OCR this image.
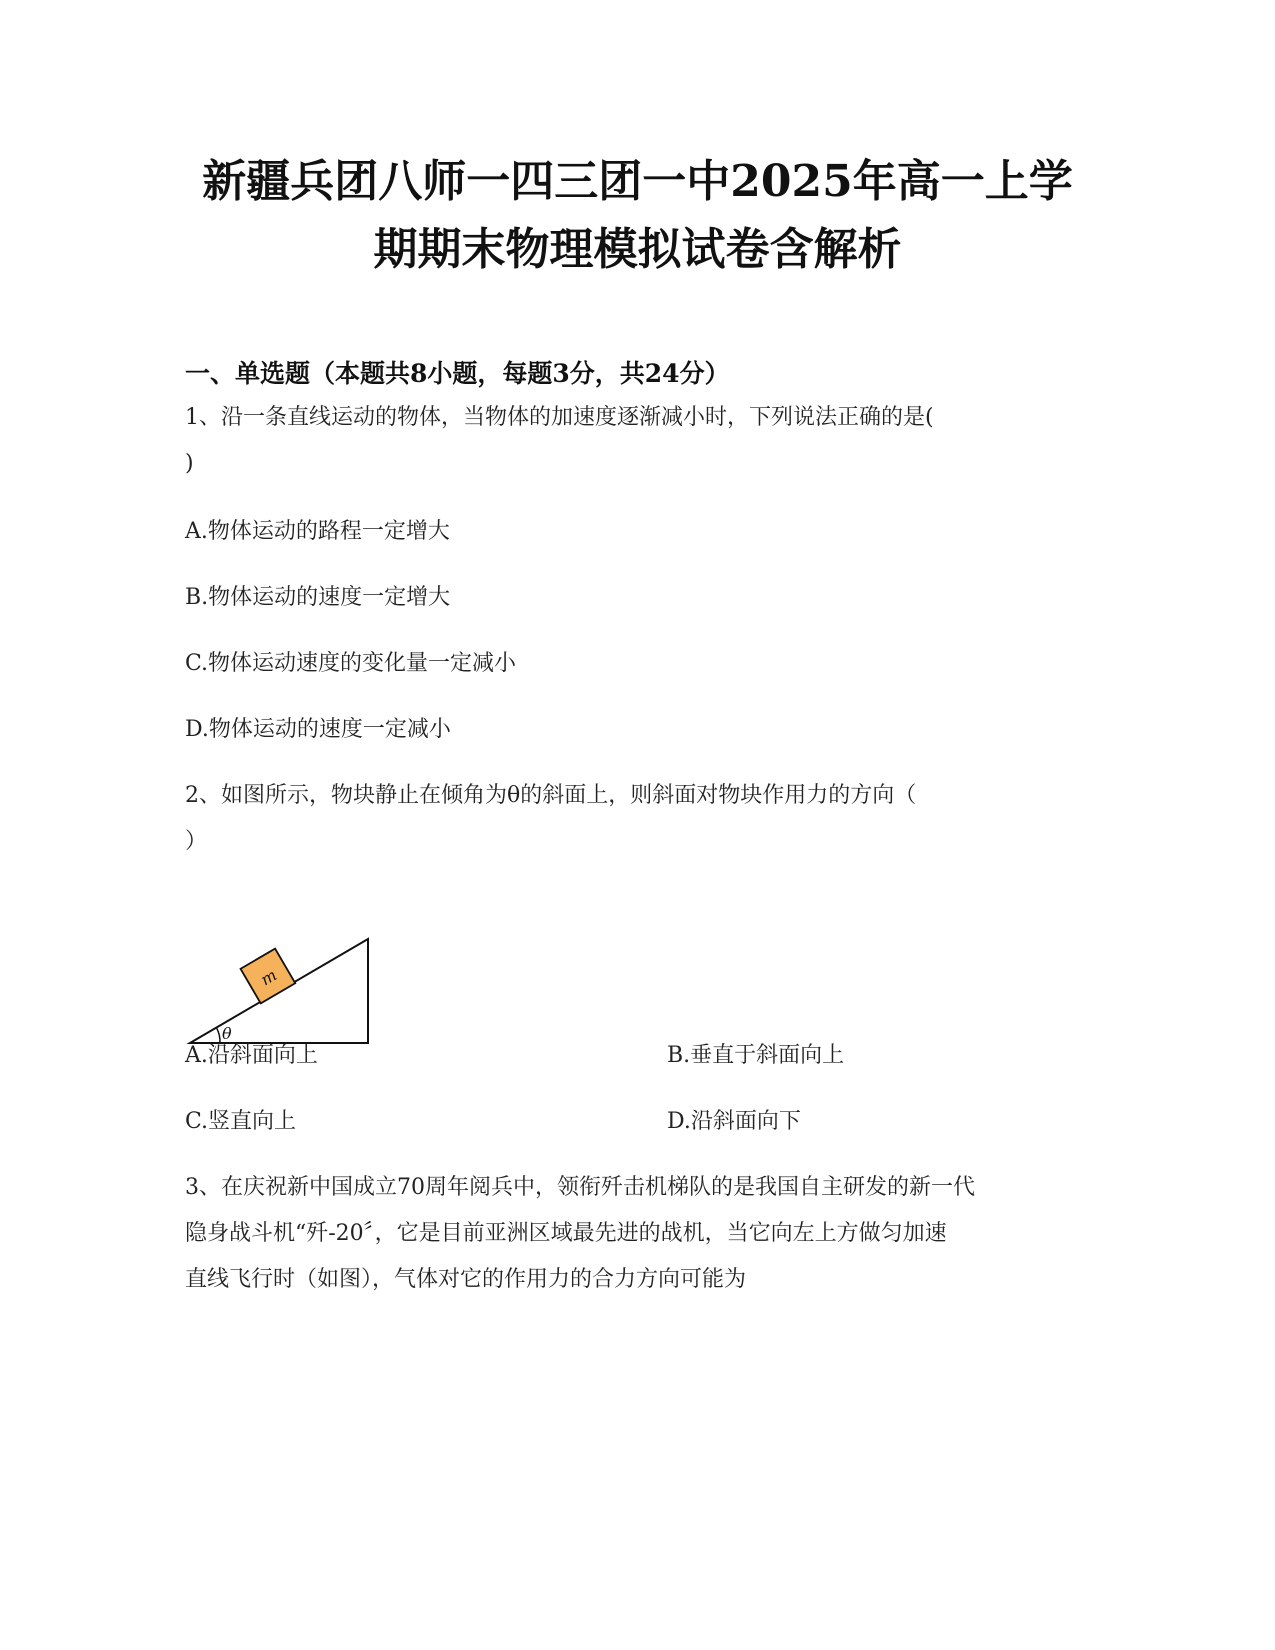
新疆兵团八师一四三团一中2025年高一上学
期期末物理模拟试卷含解析
一、单选题（本题共8小题，每题3分，共24分）
1、沿一条直线运动的物体，当物体的加速度逐渐减小时，下列说法正确的是(
)
A.物体运动的路程一定增大
B.物体运动的速度一定增大
C.物体运动速度的变化量一定减小
D.物体运动的速度一定减小
2、如图所示，物块静止在倾角为θ的斜面上，则斜面对物块作用力的方向（
）
m
θ
A.沿斜面向上	B.垂直于斜面向上
C.竖直向上	D.沿斜面向下
3、在庆祝新中国成立70周年阅兵中，领衔歼击机梯队的是我国自主研发的新一代
隐身战斗机“歼-20〞，它是目前亚洲区域最先进的战机，当它向左上方做匀加速
直线飞行时（如图），气体对它的作用力的合力方向可能为
